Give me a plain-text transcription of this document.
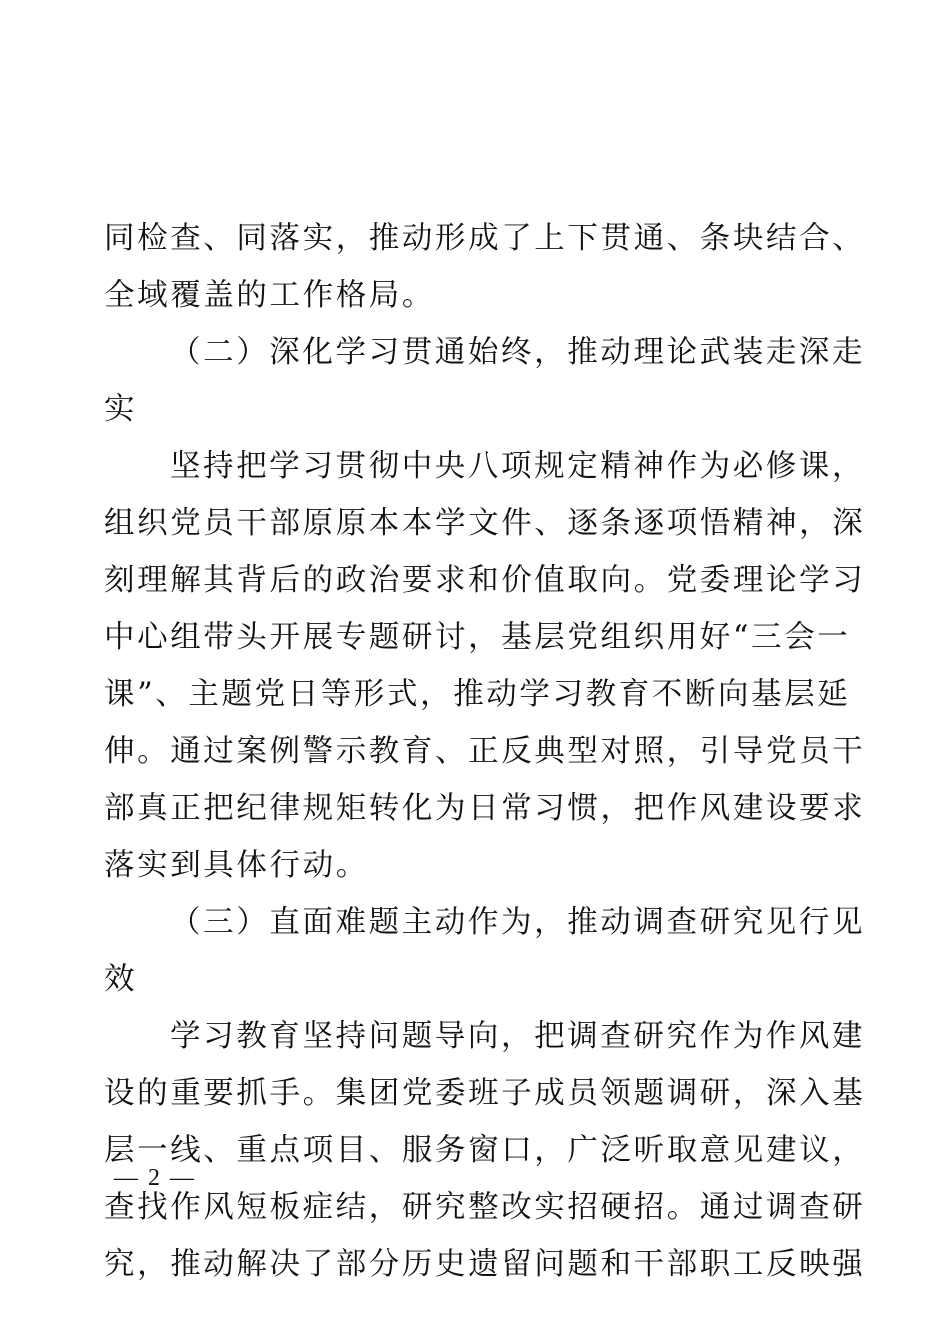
同检查、同落实，推动形成了上下贯通、条块结合、
全域覆盖的工作格局。
（二）深化学习贯通始终，推动理论武装走深走
实
坚持把学习贯彻中央八项规定精神作为必修课，
组织党员干部原原本本学文件、逐条逐项悟精神，深
刻理解其背后的政治要求和价值取向。党委理论学习
中心组带头开展专题研讨，基层党组织用好“三会一
课”、主题党日等形式，推动学习教育不断向基层延
伸。通过案例警示教育、正反典型对照，引导党员干
部真正把纪律规矩转化为日常习惯，把作风建设要求
落实到具体行动。
（三）直面难题主动作为，推动调查研究见行见
效
学习教育坚持问题导向，把调查研究作为作风建
设的重要抓手。集团党委班子成员领题调研，深入基
层一线、重点项目、服务窗口，广泛听取意见建议，
查找作风短板症结，研究整改实招硬招。通过调查研
究，推动解决了部分历史遗留问题和干部职工反映强
— 2 —
